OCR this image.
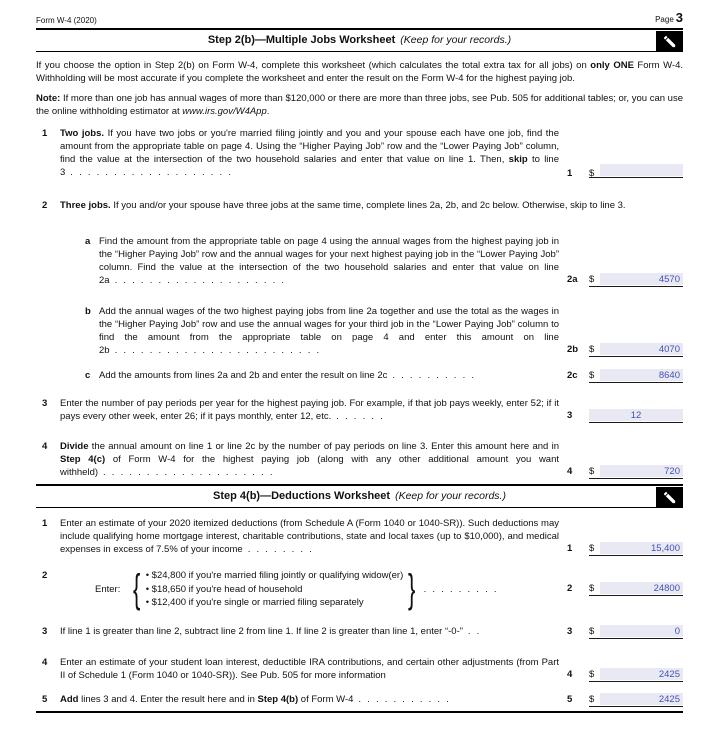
Form W-4 (2020)	Page 3
Step 2(b)—Multiple Jobs Worksheet (Keep for your records.)

If you choose the option in Step 2(b) on Form W-4, complete this worksheet (which calculates the total extra tax for all jobs) on only ONE Form W-4. Withholding will be most accurate if you complete the worksheet and enter the result on the Form W-4 for the highest paying job.

Note: If more than one job has annual wages of more than $120,000 or there are more than three jobs, see Pub. 505 for additional tables; or, you can use the online withholding estimator at www.irs.gov/W4App.

1	Two jobs. If you have two jobs or you're married filing jointly and you and your spouse each have one job, find the amount from the appropriate table on page 4. Using the “Higher Paying Job” row and the “Lower Paying Job” column, find the value at the intersection of the two household salaries and enter that value on line 1. Then, skip to line 3 . . . . . . . . . . . . . . . . . . .	1	$
2	Three jobs. If you and/or your spouse have three jobs at the same time, complete lines 2a, 2b, and 2c below. Otherwise, skip to line 3.
a Find the amount from the appropriate table on page 4 using the annual wages from the highest paying job in the “Higher Paying Job” row and the annual wages for your next highest paying job in the “Lower Paying Job” column. Find the value at the intersection of the two household salaries and enter that value on line 2a . . . . . . . . . . . . . . . . . . . .	2a	$	4570
b Add the annual wages of the two highest paying jobs from line 2a together and use the total as the wages in the “Higher Paying Job” row and use the annual wages for your third job in the “Lower Paying Job” column to find the amount from the appropriate table on page 4 and enter this amount on line 2b . . . . . . . . . . . . . . . . . . . . . . . .	2b	$	4070
c Add the amounts from lines 2a and 2b and enter the result on line 2c . . . . . . . . . .	2c	$	8640
3	Enter the number of pay periods per year for the highest paying job. For example, if that job pays weekly, enter 52; if it pays every other week, enter 26; if it pays monthly, enter 12, etc. . . . . . .	3	12
4	Divide the annual amount on line 1 or line 2c by the number of pay periods on line 3. Enter this amount here and in Step 4(c) of Form W-4 for the highest paying job (along with any other additional amount you want withheld) . . . . . . . . . . . . . . . . . . . .	4	$	720
Step 4(b)—Deductions Worksheet (Keep for your records.)
1	Enter an estimate of your 2020 itemized deductions (from Schedule A (Form 1040 or 1040-SR)). Such deductions may include qualifying home mortgage interest, charitable contributions, state and local taxes (up to $10,000), and medical expenses in excess of 7.5% of your income . . . . . . . .	1	$	15,400
2
Enter: { • $24,800 if you're married filing jointly or qualifying widow(er)
• $18,650 if you're head of household
• $12,400 if you're single or married filing separately	} . . . . . . . . .	2	$	24800
3	If line 1 is greater than line 2, subtract line 2 from line 1. If line 2 is greater than line 1, enter “-0-” . .	3	$	0
4	Enter an estimate of your student loan interest, deductible IRA contributions, and certain other adjustments (from Part II of Schedule 1 (Form 1040 or 1040-SR)). See Pub. 505 for more information	4	$	2425
5	Add lines 3 and 4. Enter the result here and in Step 4(b) of Form W-4 . . . . . . . . . . .	5	$	2425
